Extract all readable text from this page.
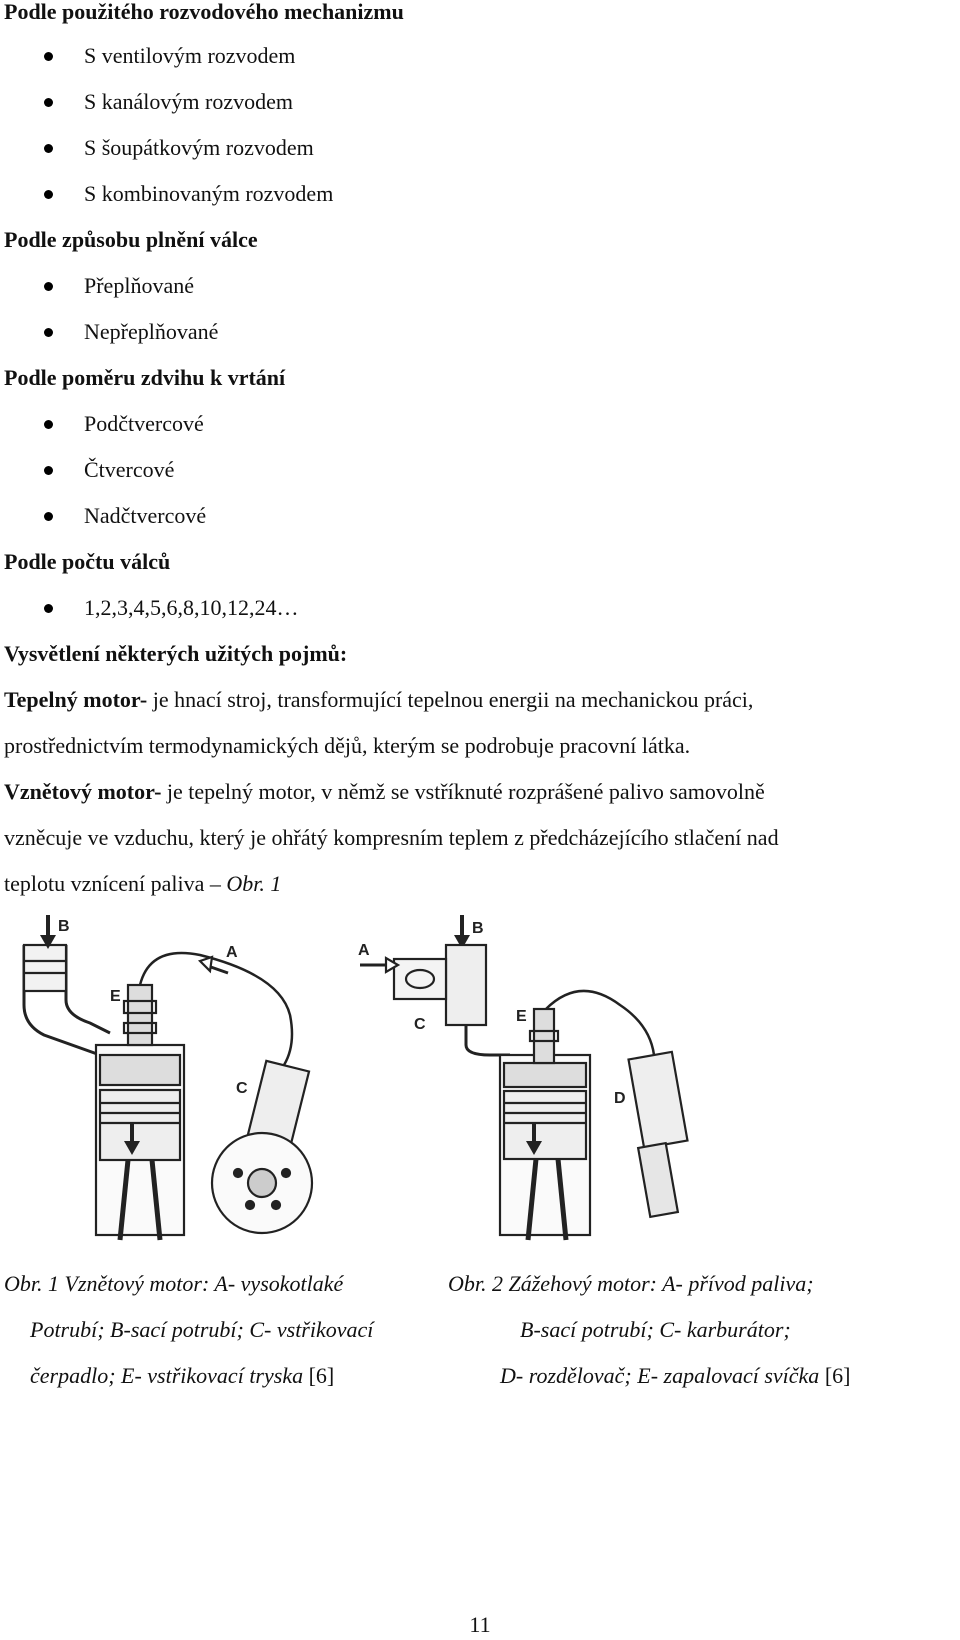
Podle použitého rozvodového mechanizmu
S ventilovým rozvodem
S kanálovým rozvodem
S šoupátkovým rozvodem
S kombinovaným rozvodem
Podle způsobu plnění válce
Přeplňované
Nepřeplňované
Podle poměru zdvihu k vrtání
Podčtvercové
Čtvercové
Nadčtvercové
Podle počtu válců
1,2,3,4,5,6,8,10,12,24…
Vysvětlení některých užitých pojmů:
Tepelný motor- je hnací stroj, transformující tepelnou energii na mechanickou práci,
prostřednictvím termodynamických dějů, kterým se podrobuje pracovní látka.
Vznětový motor- je tepelný motor, v němž se vstříknuté rozprášené palivo samovolně
vzněcuje ve vzduchu, který je ohřátý kompresním teplem z předcházejícího stlačení nad
teplotu vznícení paliva – Obr. 1
B
E
A
C
B
C
A
E
D
Obr. 1 Vznětový motor: A- vysokotlaké
Potrubí; B-sací potrubí; C- vstřikovací
čerpadlo; E- vstřikovací tryska [6]
Obr. 2 Zážehový motor: A- přívod paliva;
B-sací potrubí; C- karburátor;
D- rozdělovač; E- zapalovací svíčka [6]
11
